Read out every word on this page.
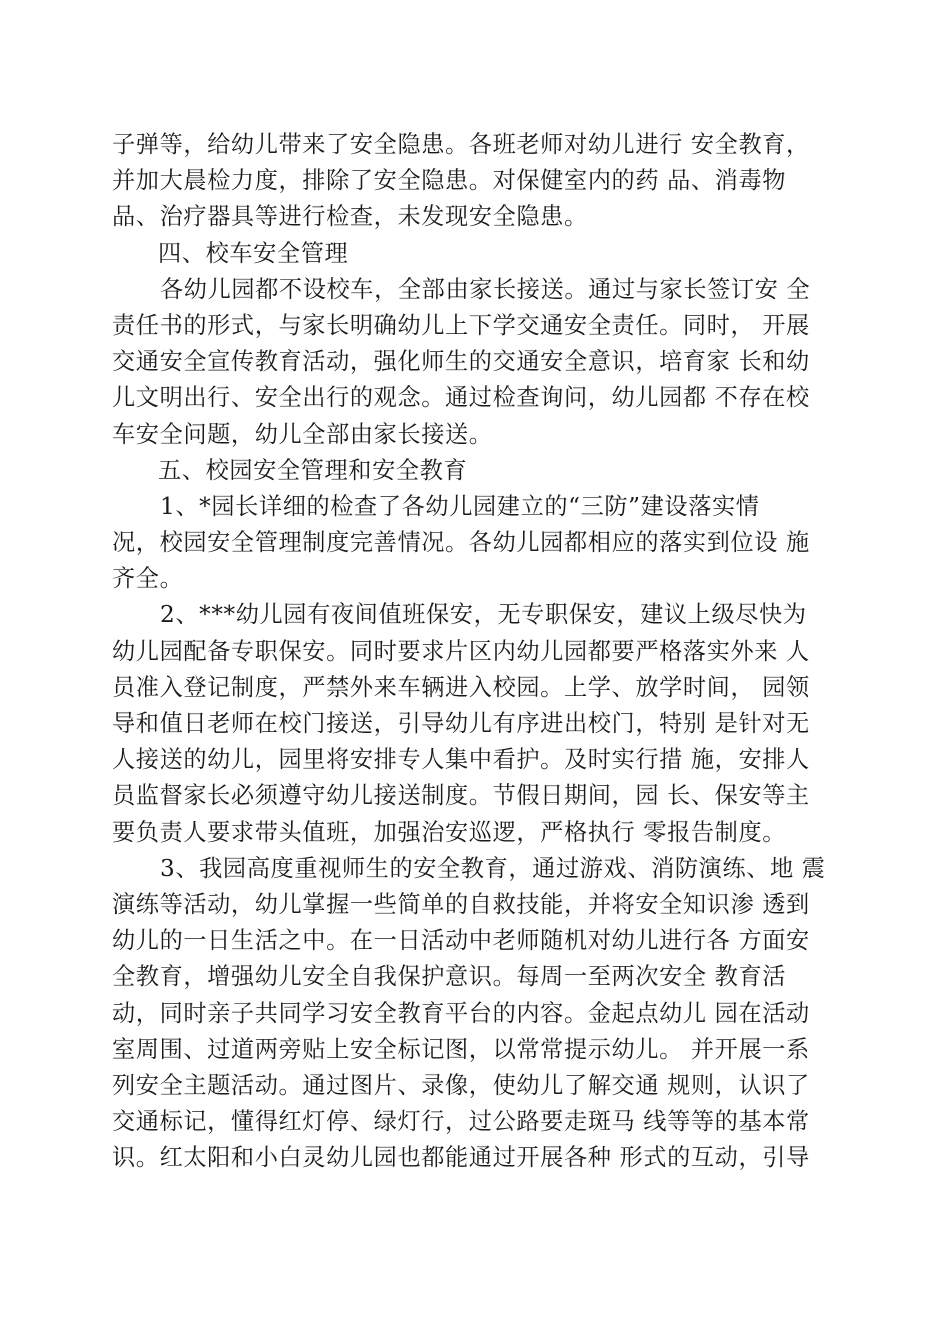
子弹等，给幼儿带来了安全隐患。各班老师对幼儿进行 安全教育，
并加大晨检力度，排除了安全隐患。对保健室内的药 品、消毒物
品、治疗器具等进行检查，未发现安全隐患。
四、校车安全管理
各幼儿园都不设校车，全部由家长接送。通过与家长签订安 全
责任书的形式，与家长明确幼儿上下学交通安全责任。同时， 开展
交通安全宣传教育活动，强化师生的交通安全意识，培育家 长和幼
儿文明出行、安全出行的观念。通过检查询问，幼儿园都 不存在校
车安全问题，幼儿全部由家长接送。
五、校园安全管理和安全教育
1、*园长详细的检查了各幼儿园建立的“三防”建设落实情
况，校园安全管理制度完善情况。各幼儿园都相应的落实到位设 施
齐全。
2、***幼儿园有夜间值班保安，无专职保安，建议上级尽快为
幼儿园配备专职保安。同时要求片区内幼儿园都要严格落实外来 人
员准入登记制度，严禁外来车辆进入校园。上学、放学时间， 园领
导和值日老师在校门接送，引导幼儿有序进出校门，特别 是针对无
人接送的幼儿，园里将安排专人集中看护。及时实行措 施，安排人
员监督家长必须遵守幼儿接送制度。节假日期间，园 长、保安等主
要负责人要求带头值班，加强治安巡逻，严格执行 零报告制度。
3、我园高度重视师生的安全教育，通过游戏、消防演练、地 震
演练等活动，幼儿掌握一些简单的自救技能，并将安全知识渗 透到
幼儿的一日生活之中。在一日活动中老师随机对幼儿进行各 方面安
全教育，增强幼儿安全自我保护意识。每周一至两次安全 教育活
动，同时亲子共同学习安全教育平台的内容。金起点幼儿 园在活动
室周围、过道两旁贴上安全标记图，以常常提示幼儿。 并开展一系
列安全主题活动。通过图片、录像，使幼儿了解交通 规则，认识了
交通标记，懂得红灯停、绿灯行，过公路要走斑马 线等等的基本常
识。红太阳和小白灵幼儿园也都能通过开展各种 形式的互动，引导
